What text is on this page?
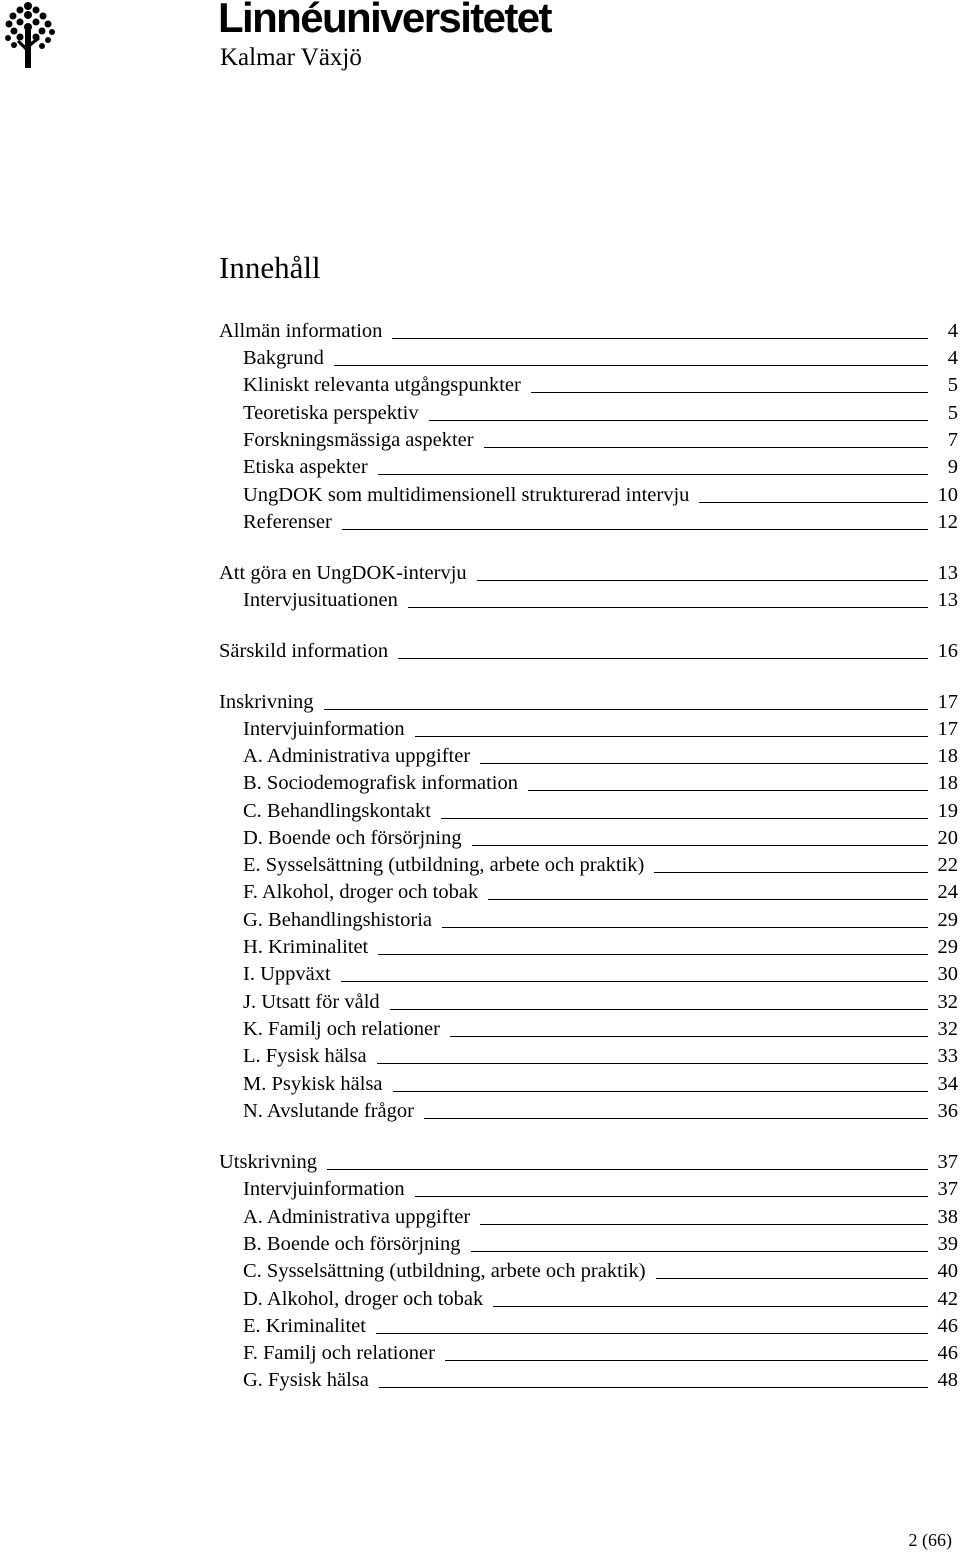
Linnéuniversitetet
Kalmar Växjö
Innehåll
Allmän information	4
Bakgrund	4
Kliniskt relevanta utgångspunkter	5
Teoretiska perspektiv	5
Forskningsmässiga aspekter	7
Etiska aspekter	9
UngDOK som multidimensionell strukturerad intervju	10
Referenser	12
Att göra en UngDOK-intervju	13
Intervjusituationen	13
Särskild information	16
Inskrivning	17
Intervjuinformation	17
A. Administrativa uppgifter	18
B. Sociodemografisk information	18
C. Behandlingskontakt	19
D. Boende och försörjning	20
E. Sysselsättning (utbildning, arbete och praktik)	22
F. Alkohol, droger och tobak	24
G. Behandlingshistoria	29
H. Kriminalitet	29
I. Uppväxt	30
J. Utsatt för våld	32
K. Familj och relationer	32
L. Fysisk hälsa	33
M. Psykisk hälsa	34
N. Avslutande frågor	36
Utskrivning	37
Intervjuinformation	37
A. Administrativa uppgifter	38
B. Boende och försörjning	39
C. Sysselsättning (utbildning, arbete och praktik)	40
D. Alkohol, droger och tobak	42
E. Kriminalitet	46
F. Familj och relationer	46
G. Fysisk hälsa	48
2 (66)
